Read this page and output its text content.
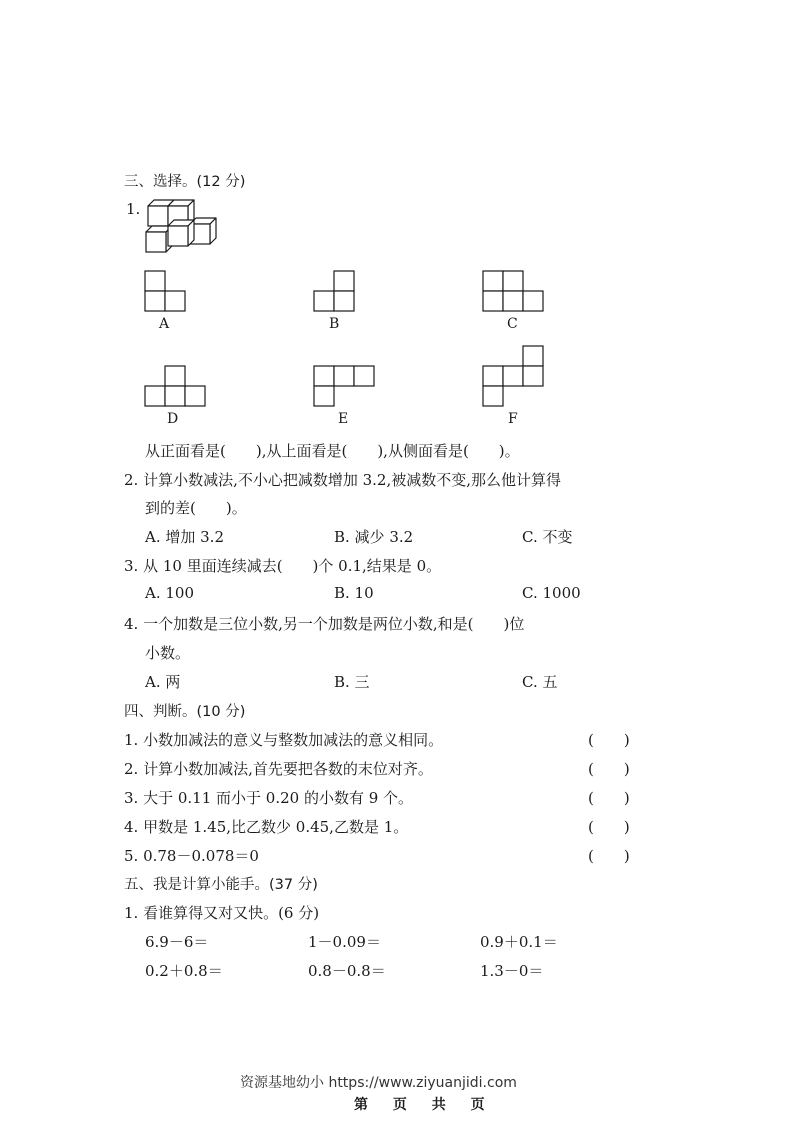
三、选择。(12 分)
1.
A	B	C
D	E	F
从正面看是(　　),从上面看是(　　),从侧面看是(　　)。
2. 计算小数减法,不小心把减数增加 3.2,被减数不变,那么他计算得
到的差(　　)。
A. 增加 3.2	B. 减少 3.2	C. 不变
3. 从 10 里面连续减去(　　)个 0.1,结果是 0。
A. 100	B. 10	C. 1000
4. 一个加数是三位小数,另一个加数是两位小数,和是(　　)位
小数。
A. 两	B. 三	C. 五
四、判断。(10 分)
1. 小数加减法的意义与整数加减法的意义相同。	(　　)
2. 计算小数加减法,首先要把各数的末位对齐。	(　　)
3. 大于 0.11 而小于 0.20 的小数有 9 个。	(　　)
4. 甲数是 1.45,比乙数少 0.45,乙数是 1。	(　　)
5. 0.78－0.078＝0	(　　)
五、我是计算小能手。(37 分)
1. 看谁算得又对又快。(6 分)
6.9－6＝	1－0.09＝	0.9＋0.1＝
0.2＋0.8＝	0.8－0.8＝	1.3－0＝
资源基地幼小 https://www.ziyuanjidi.com
第 页 共 页
